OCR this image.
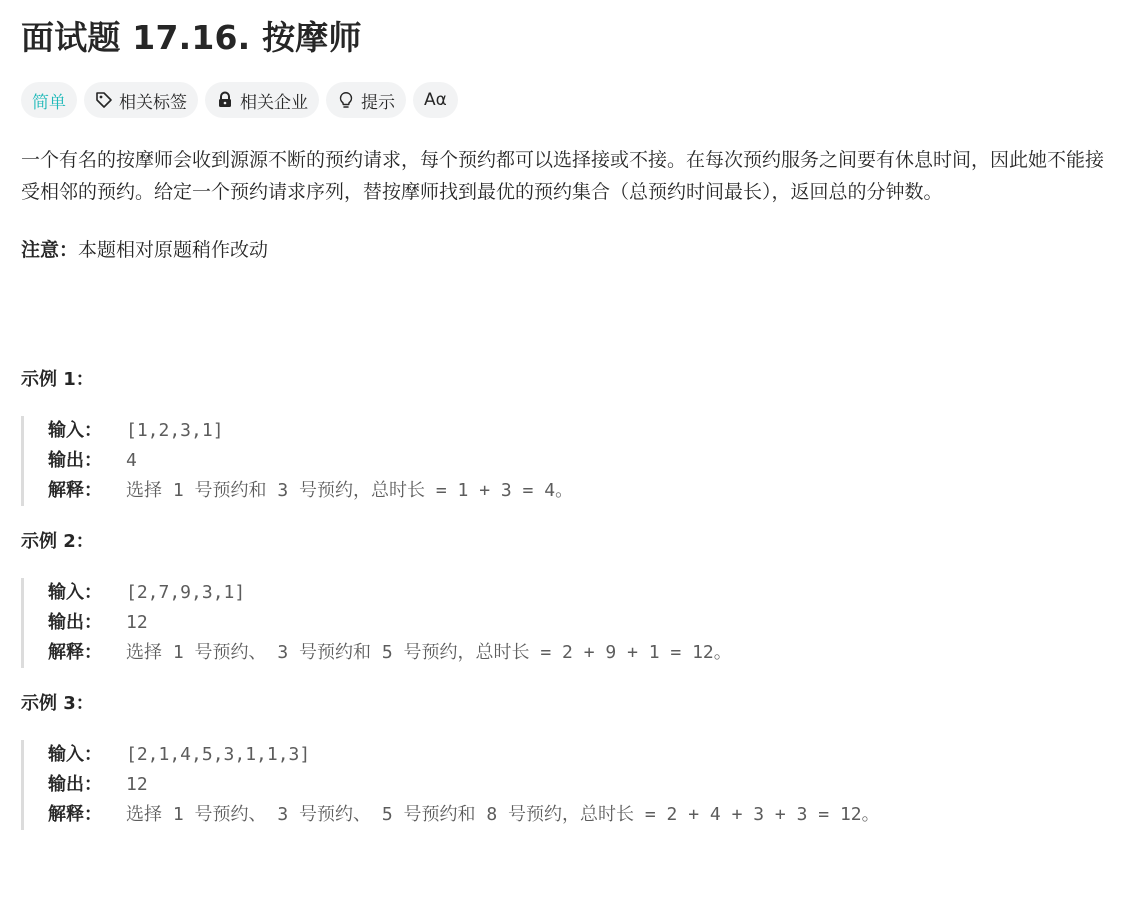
面试题 17.16. 按摩师
简单	相关标签	相关企业	提示 Aα
一个有名的按摩师会收到源源不断的预约请求，每个预约都可以选择接或不接。在每次预约服务之间要有休息时间，因此她不能接受相邻的预约。给定一个预约请求序列，替按摩师找到最优的预约集合（总预约时间最长），返回总的分钟数。
注意：本题相对原题稍作改动
示例 1：
输入：	[1,2,3,1]
输出：	4
解释：	选择 1 号预约和 3 号预约，总时长 = 1 + 3 = 4。
示例 2：
输入：	[2,7,9,3,1]
输出：	12
解释：	选择 1 号预约、 3 号预约和 5 号预约，总时长 = 2 + 9 + 1 = 12。
示例 3：
输入：	[2,1,4,5,3,1,1,3]
输出：	12
解释：	选择 1 号预约、 3 号预约、 5 号预约和 8 号预约，总时长 = 2 + 4 + 3 + 3 = 12。
